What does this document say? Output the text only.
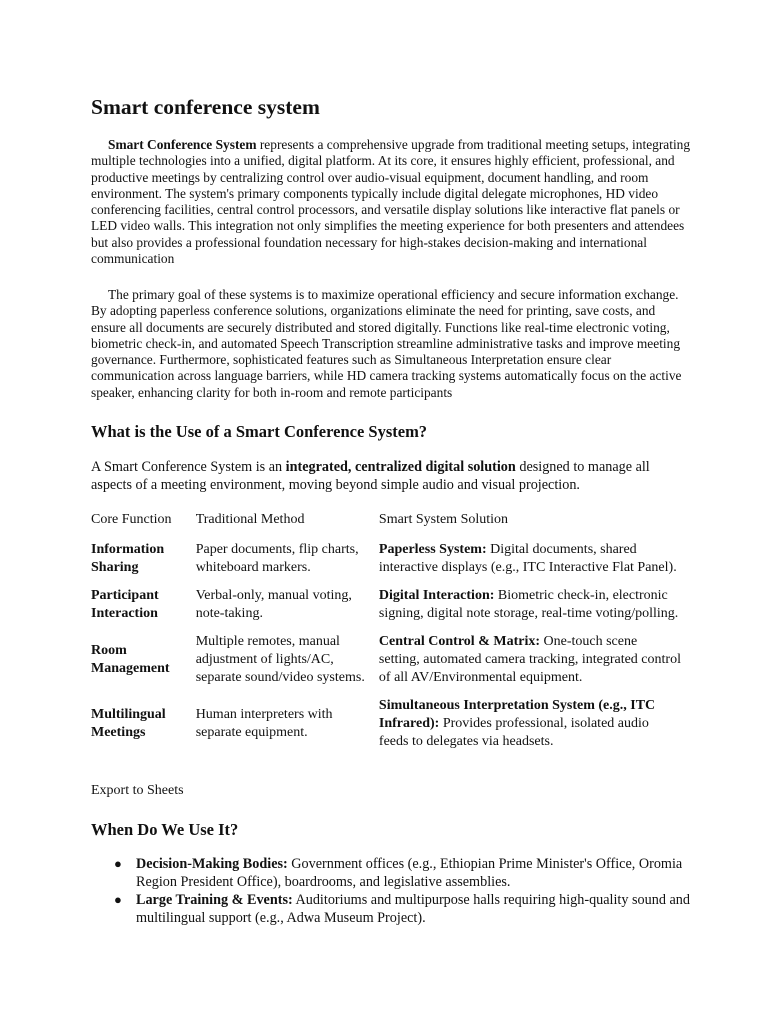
Smart conference system

Smart Conference System represents a comprehensive upgrade from traditional meeting setups, integrating multiple technologies into a unified, digital platform. At its core, it ensures highly efficient, professional, and productive meetings by centralizing control over audio-visual equipment, document handling, and room environment. The system's primary components typically include digital delegate microphones, HD video conferencing facilities, central control processors, and versatile display solutions like interactive flat panels or LED video walls. This integration not only simplifies the meeting experience for both presenters and attendees but also provides a professional foundation necessary for high-stakes decision-making and international communication

The primary goal of these systems is to maximize operational efficiency and secure information exchange. By adopting paperless conference solutions, organizations eliminate the need for printing, save costs, and ensure all documents are securely distributed and stored digitally. Functions like real-time electronic voting, biometric check-in, and automated Speech Transcription streamline administrative tasks and improve meeting governance. Furthermore, sophisticated features such as Simultaneous Interpretation ensure clear communication across language barriers, while HD camera tracking systems automatically focus on the active speaker, enhancing clarity for both in-room and remote participants

What is the Use of a Smart Conference System?

A Smart Conference System is an integrated, centralized digital solution designed to manage all aspects of a meeting environment, moving beyond simple audio and visual projection.

Core Function	Traditional Method	Smart System Solution
Information Sharing	Paper documents, flip charts, whiteboard markers.	Paperless System: Digital documents, shared interactive displays (e.g., ITC Interactive Flat Panel).
Participant Interaction	Verbal-only, manual voting, note-taking.	Digital Interaction: Biometric check-in, electronic signing, digital note storage, real-time voting/polling.
Room Management	Multiple remotes, manual adjustment of lights/AC, separate sound/video systems.	Central Control & Matrix: One-touch scene setting, automated camera tracking, integrated control of all AV/Environmental equipment.
Multilingual Meetings	Human interpreters with separate equipment.	Simultaneous Interpretation System (e.g., ITC Infrared): Provides professional, isolated audio feeds to delegates via headsets.
Export to Sheets
When Do We Use It?
● Decision-Making Bodies: Government offices (e.g., Ethiopian Prime Minister's Office, Oromia Region President Office), boardrooms, and legislative assemblies.
● Large Training & Events: Auditoriums and multipurpose halls requiring high-quality sound and multilingual support (e.g., Adwa Museum Project).
